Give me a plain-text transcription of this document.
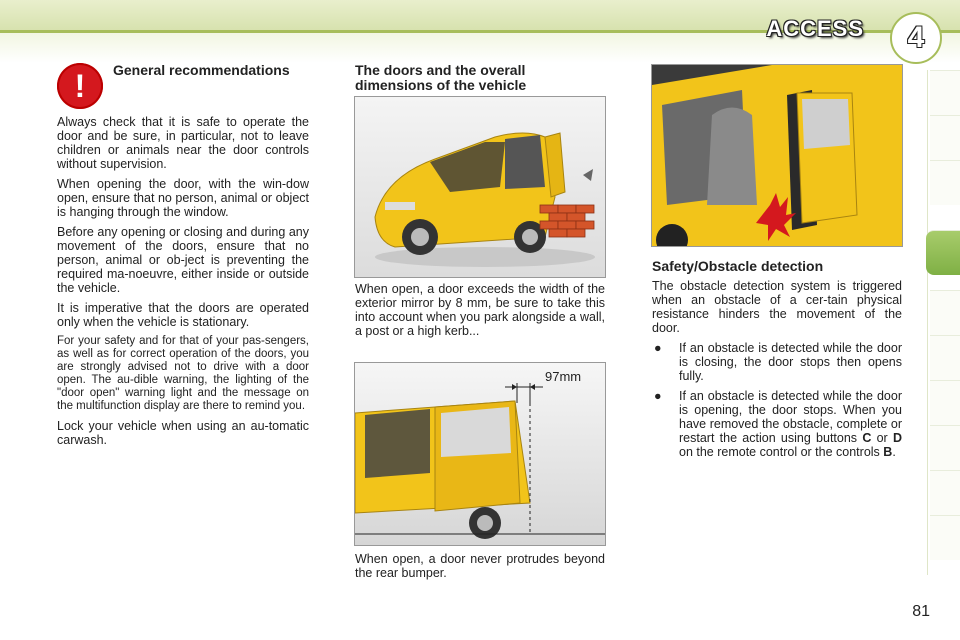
ACCESS	4
!	General recommendations

Always check that it is safe to operate the door and be sure, in particular, not to leave children or animals near the door controls without supervision.

When opening the door, with the win-dow open, ensure that no person, animal or object is hanging through the window.

Before any opening or closing and during any movement of the doors, ensure that no person, animal or ob-ject is preventing the required ma-noeuvre, either inside or outside the vehicle.

It is imperative that the doors are operated only when the vehicle is stationary.

For your safety and for that of your pas-sengers, as well as for correct operation of the doors, you are strongly advised not to drive with a door open. The au-dible warning, the lighting of the "door open" warning light and the message on the multifunction display are there to remind you.

Lock your vehicle when using an au-tomatic carwash.

The doors and the overall dimensions of the vehicle

When open, a door exceeds the width of the exterior mirror by 8 mm, be sure to take this into account when you park alongside a wall, a post or a high kerb...

97mm

When open, a door never protrudes beyond the rear bumper.

Safety/Obstacle detection

The obstacle detection system is triggered when an obstacle of a cer-tain physical resistance hinders the movement of the door.

● If an obstacle is detected while the door is closing, the door stops then opens fully.
● If an obstacle is detected while the door is opening, the door stops. When you have removed the obstacle, complete or restart the action using buttons C or D on the remote control or the controls B.
81
